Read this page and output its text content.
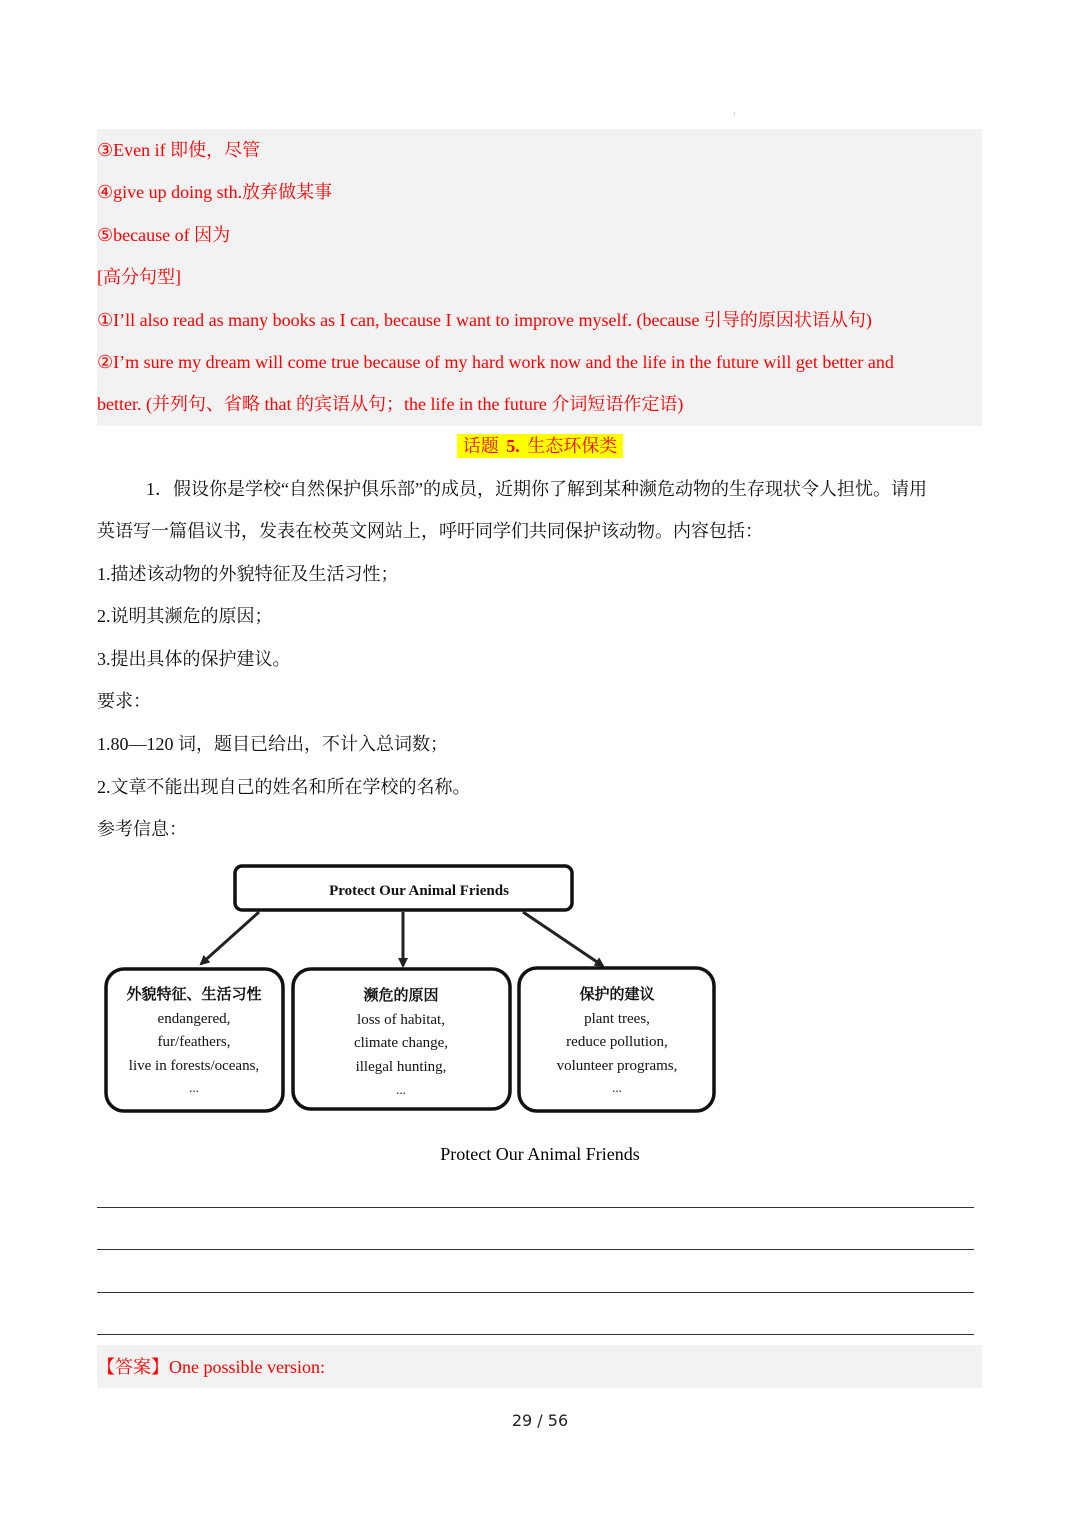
1
③Even if 即使，尽管
④give up doing sth.放弃做某事
⑤because of 因为
[高分句型]
①I’ll also read as many books as I can, because I want to improve myself. (because 引导的原因状语从句)
②I’m sure my dream will come true because of my hard work now and the life in the future will get better and
better. (并列句、省略 that 的宾语从句；the life in the future 介词短语作定语)
话题 5. 生态环保类
1．假设你是学校“自然保护俱乐部”的成员，近期你了解到某种濒危动物的生存现状令人担忧。请用
英语写一篇倡议书，发表在校英文网站上，呼吁同学们共同保护该动物。内容包括：
1.描述该动物的外貌特征及生活习性；
2.说明其濒危的原因；
3.提出具体的保护建议。
要求：
1.80—120 词，题目已给出，不计入总词数；
2.文章不能出现自己的姓名和所在学校的名称。
参考信息：
Protect Our Animal Friends
外貌特征、生活习性
endangered,
fur/feathers,
live in forests/oceans,
...
濒危的原因
loss of habitat,
climate change,
illegal hunting,
...
保护的建议
plant trees,
reduce pollution,
volunteer programs,
...
Protect Our Animal Friends
【答案】One possible version:
29 / 56
